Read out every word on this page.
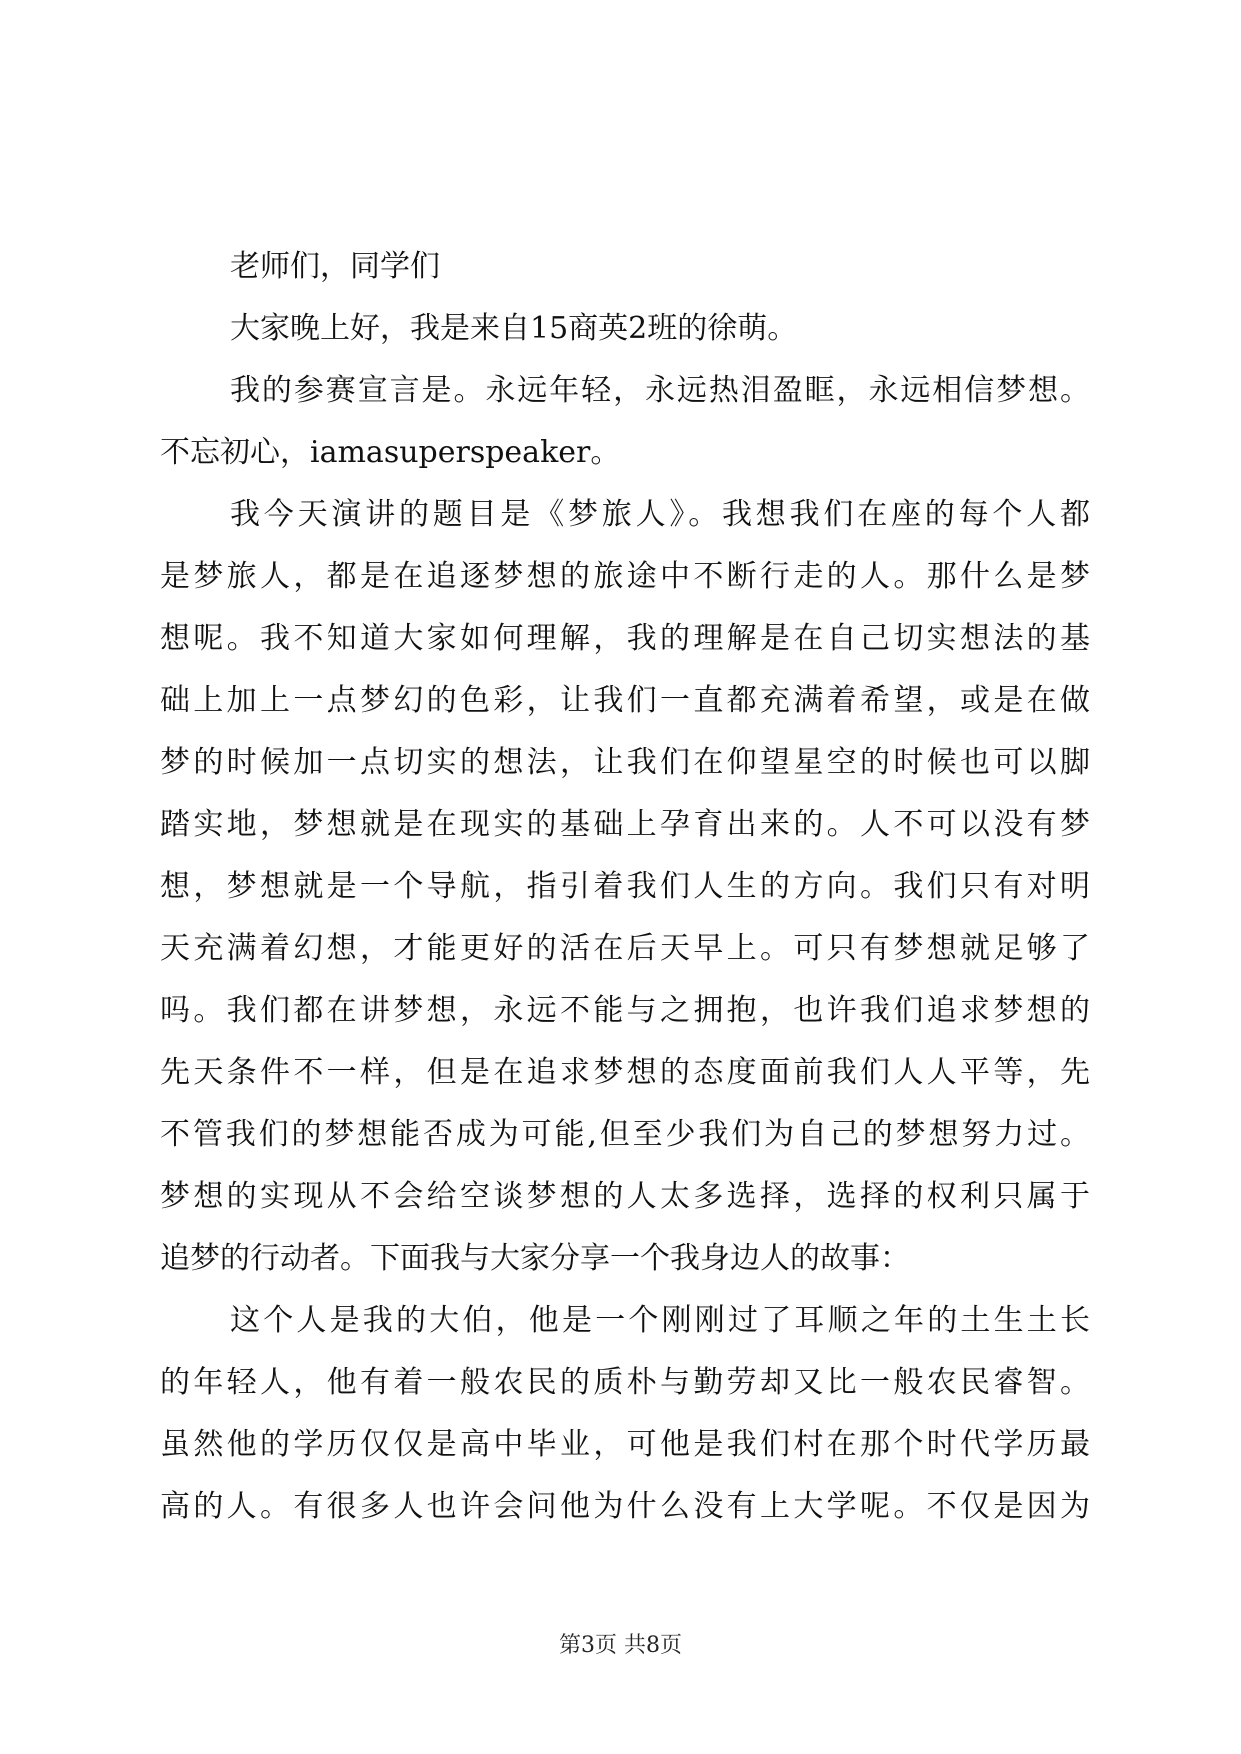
老师们，同学们
大家晚上好，我是来自15商英2班的徐萌。
我的参赛宣言是。永远年轻，永远热泪盈眶，永远相信梦想。
不忘初心，iamasuperspeaker。
我今天演讲的题目是《梦旅人》。我想我们在座的每个人都
是梦旅人，都是在追逐梦想的旅途中不断行走的人。那什么是梦
想呢。我不知道大家如何理解，我的理解是在自己切实想法的基
础上加上一点梦幻的色彩，让我们一直都充满着希望，或是在做
梦的时候加一点切实的想法，让我们在仰望星空的时候也可以脚
踏实地，梦想就是在现实的基础上孕育出来的。人不可以没有梦
想，梦想就是一个导航，指引着我们人生的方向。我们只有对明
天充满着幻想，才能更好的活在后天早上。可只有梦想就足够了
吗。我们都在讲梦想，永远不能与之拥抱，也许我们追求梦想的
先天条件不一样，但是在追求梦想的态度面前我们人人平等，先
不管我们的梦想能否成为可能,但至少我们为自己的梦想努力过。
梦想的实现从不会给空谈梦想的人太多选择，选择的权利只属于
追梦的行动者。下面我与大家分享一个我身边人的故事：
这个人是我的大伯，他是一个刚刚过了耳顺之年的土生土长
的年轻人，他有着一般农民的质朴与勤劳却又比一般农民睿智。
虽然他的学历仅仅是高中毕业，可他是我们村在那个时代学历最
高的人。有很多人也许会问他为什么没有上大学呢。不仅是因为
第3页 共8页
